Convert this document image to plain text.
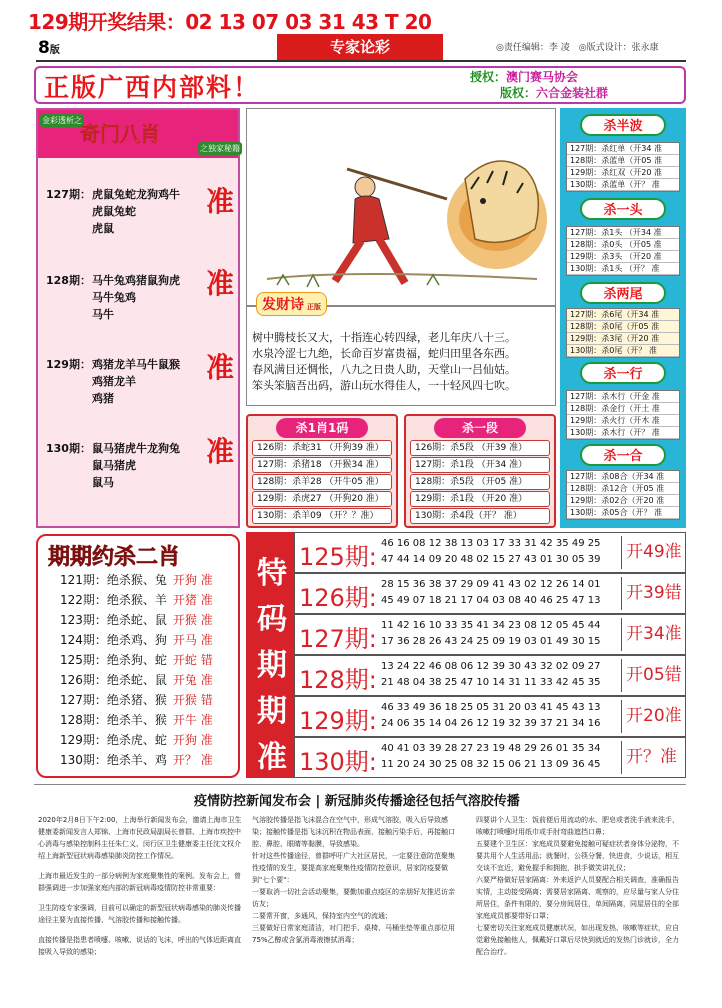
129期开奖结果：02 13 07 03 31 43 T 20
8版	专家论彩	◎责任编辑：李 凌　◎版式设计：张永康
正版广西内部料！	授权：澳门赛马协会
版权：六合金装社群
金彩透析之
奇门八肖
之独家秘籍
127期：虎鼠兔蛇龙狗鸡牛
虎鼠兔蛇
虎鼠
准
128期：马牛兔鸡猪鼠狗虎
马牛兔鸡
马牛
准
129期：鸡猪龙羊马牛鼠猴
鸡猪龙羊
鸡猪
准
130期：鼠马猪虎牛龙狗兔
鼠马猪虎
鼠马
准
发财诗 正版
树中腾枝长又大，十指连心转四绿，老儿年庆八十三。
水泉冷涩七九绝，长命百岁富贵福，蛇归田里各东西。
春风满目还惆怅，八九之日贵人助，天堂山一吕仙姑。
笨头笨脑吾出码，游山玩水得佳人，一十轻风四七吹。
杀1肖1码
126期：杀蛇31 （开狗39 准）
127期：杀猪18 （开猴34 准）
128期：杀羊28 （开牛05 准）
129期：杀虎27 （开狗20 准）
130期：杀羊09 （开？？准）
杀一段
126期：杀5段 （开39 准）
127期：杀1段 （开34 准）
128期：杀5段 （开05 准）
129期：杀1段 （开20 准）
130期：杀4段（开？ 准）
杀半波
127期：杀红单（开34 准
128期：杀蓝单（开05 准
129期：杀红双（开20 准
130期：杀蓝单（开？ 准
杀一头
127期：杀1头 （开34 准
128期：杀0头 （开05 准
129期：杀3头 （开20 准
130期：杀1头 （开？ 准
杀两尾
127期：杀6尾（开34 准
128期：杀0尾（开05 准
129期：杀3尾（开20 准
130期：杀0尾（开？ 准
杀一行
127期：杀木行（开金 准
128期：杀金行（开土 准
129期：杀火行（开木 准
130期：杀木行（开？ 准
杀一合
127期：杀08合（开34 准
128期：杀12合（开05 准
129期：杀02合（开20 准
130期：杀05合（开？ 准
期期约杀二肖
121期：绝杀猴、兔 开狗 准
122期：绝杀猴、羊 开猪 准
123期：绝杀蛇、鼠 开猴 准
124期：绝杀鸡、狗 开马 准
125期：绝杀狗、蛇 开蛇 错
126期：绝杀蛇、鼠 开兔 准
127期：绝杀猪、猴 开猴 错
128期：绝杀羊、猴 开牛 准
129期：绝杀虎、蛇 开狗 准
130期：绝杀羊、鸡 开？ 准
特
码
期
期
准
125期: 46 16 08 12 38 13 03 17 33 31 42 35 49 25
47 44 14 09 20 48 02 15 27 43 01 30 05 39	开49准
126期: 28 15 36 38 37 29 09 41 43 02 12 26 14 01
45 49 07 18 21 17 04 03 08 40 46 25 47 13	开39错
127期: 11 42 16 10 33 35 41 34 23 08 12 05 45 44
17 36 28 26 43 24 25 09 19 03 01 49 30 15	开34准
128期: 13 24 22 46 08 06 12 39 30 43 32 02 09 27
21 48 04 38 25 47 10 14 31 11 33 42 45 35	开05错
129期: 46 33 49 36 18 25 05 31 20 03 41 45 43 13
24 06 35 14 04 26 12 19 32 39 37 21 34 16	开20准
130期: 40 41 03 39 28 27 23 19 48 29 26 01 35 34
11 20 24 30 25 08 32 15 06 21 13 09 36 45	开？准
疫情防控新闻发布会 | 新冠肺炎传播途径包括气溶胶传播

2020年2月8日下午2:00，上海举行新闻发布会，邀请上海市卫生健康委新闻发言人郑锦、上海市民政局副局长曾群、上海市疾控中心消毒与感染控制科主任朱仁义、闵行区卫生健康委主任沈文权介绍上海新型冠状病毒感染肺炎防控工作情况。

上海市最近发生的一部分病例为家庭聚集性的案例。发布会上，曾群强调进一步加强家庭内部的新冠病毒疫情防控非常重要：

卫生防疫专家强调，目前可以确定的新型冠状病毒感染的肺炎传播途径主要为直接传播、气溶胶传播和接触传播。

直接传播是指患者喷嚏、咳嗽、说话的飞沫，呼出的气体近距离直接吸入导致的感染；

气溶胶传播是指飞沫混合在空气中，形成气溶胶，吸入后导致感染；接触传播是指飞沫沉积在物品表面，接触污染手后，再接触口腔、鼻腔、眼睛等黏膜，导致感染。

针对这些传播途径，曾群呼吁广大社区居民，一定要注意防范聚集性疫情的发生，要提高家庭聚集性疫情防控意识，居家防疫要做到"七个要"：

一要取消一切社会活动聚集，要勤加重点疫区的亲朋好友推迟访亲访友；

二要常开窗，多通风，保持室内空气的流通；

三要做好日常家庭清洁，对门把手、桌椅、马桶坐垫等重点部位用75%乙醇或含氯消毒液擦拭消毒；

四要讲个人卫生：饭前便后用流动的水、肥皂或者洗手液来洗手，咳嗽打喷嚏时用纸巾或手肘弯曲遮挡口鼻；

五要建个卫生区：家庭成员要避免接触可疑症状者身体分泌物，不要共用个人生活用品；就餐时，公筷分餐，快进食，少说话，相互交谈不宜近，避免握手和拥抱，拱手微笑讲礼仪；

六要严格做好居家隔离：外来返沪人员要配合相关调查，准确报告实情，主动接受隔离；需要居家隔离、观察的，应尽量与家人分住所居住，条件有限的，要分房间居住，单间隔离，同屋居住的全部家庭成员都要带好口罩；

七要密切关注家庭成员健康状况，如出现发热、咳嗽等症状，应自觉避免接触他人，佩戴好口罩后尽快到就近的发热门诊就诊，全力配合治疗。
